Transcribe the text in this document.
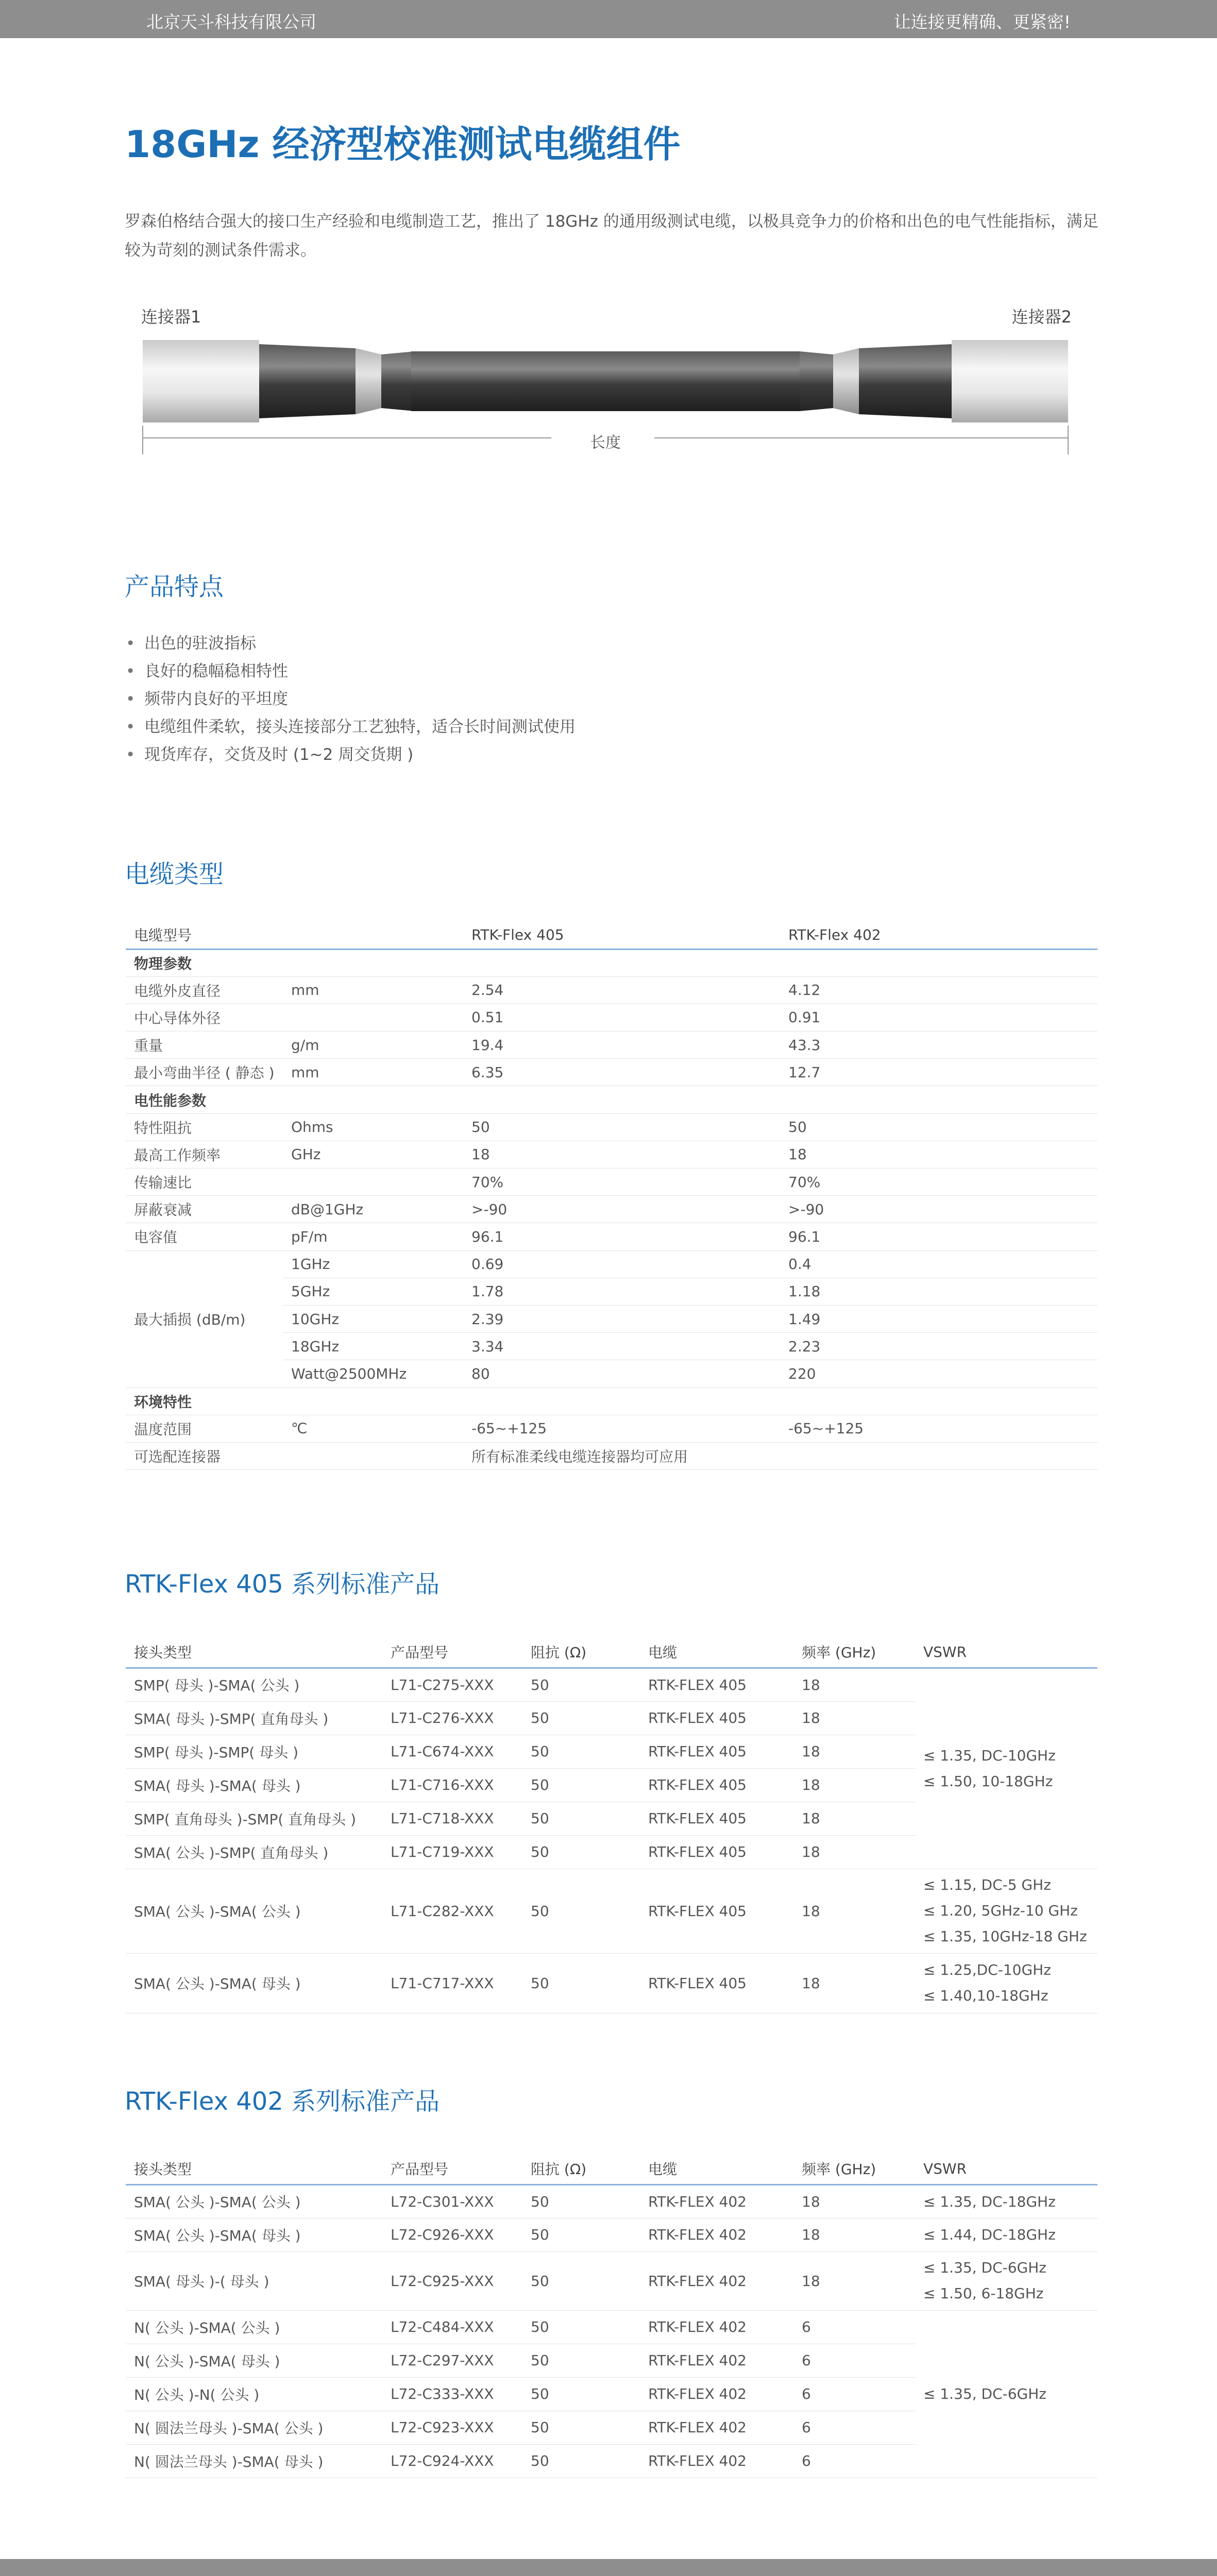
北京天斗科技有限公司	让连接更精确、更紧密!
18GHz 经济型校准测试电缆组件

罗森伯格结合强大的接口生产经验和电缆制造工艺，推出了 18GHz 的通用级测试电缆，以极具竞争力的价格和出色的电气性能指标，满足较为苛刻的测试条件需求。

连接器1	连接器2
长度
产品特点
• 出色的驻波指标
• 良好的稳幅稳相特性
• 频带内良好的平坦度
• 电缆组件柔软，接头连接部分工艺独特，适合长时间测试使用
• 现货库存，交货及时 (1~2 周交货期 )
电缆类型
电缆型号		RTK-Flex 405	RTK-Flex 402
物理参数			
电缆外皮直径	mm	2.54	4.12
中心导体外径		0.51	0.91
重量	g/m	19.4	43.3
最小弯曲半径 ( 静态 )	mm	6.35	12.7
电性能参数			
特性阻抗	Ohms	50	50
最高工作频率	GHz	18	18
传输速比		70%	70%
屏蔽衰减	dB@1GHz	>-90	>-90
电容值	pF/m	96.1	96.1
最大插损 (dB/m)	1GHz	0.69	0.4
	5GHz	1.78	1.18
	10GHz	2.39	1.49
	18GHz	3.34	2.23
	Watt@2500MHz	80	220
环境特性			
温度范围	℃	-65~+125	-65~+125
可选配连接器		所有标准柔线电缆连接器均可应用	
RTK-Flex 405 系列标准产品
接头类型	产品型号	阻抗 (Ω)	电缆	频率 (GHz)	VSWR
SMP( 母头 )-SMA( 公头 )	L71-C275-XXX	50	RTK-FLEX 405	18	≤ 1.35, DC-10GHz
≤ 1.50, 10-18GHz

SMA( 母头 )-SMP( 直角母头 )	L71-C276-XXX	50	RTK-FLEX 405	18	
SMP( 母头 )-SMP( 母头 )	L71-C674-XXX	50	RTK-FLEX 405	18	
SMA( 母头 )-SMA( 母头 )	L71-C716-XXX	50	RTK-FLEX 405	18	
SMP( 直角母头 )-SMP( 直角母头 )	L71-C718-XXX	50	RTK-FLEX 405	18	
SMA( 公头 )-SMP( 直角母头 )	L71-C719-XXX	50	RTK-FLEX 405	18	
SMA( 公头 )-SMA( 公头 )	L71-C282-XXX	50	RTK-FLEX 405	18	≤ 1.15, DC-5 GHz
≤ 1.20, 5GHz-10 GHz
≤ 1.35, 10GHz-18 GHz

SMA( 公头 )-SMA( 母头 )	L71-C717-XXX	50	RTK-FLEX 405	18	≤ 1.25,DC-10GHz
≤ 1.40,10-18GHz
RTK-Flex 402 系列标准产品
接头类型	产品型号	阻抗 (Ω)	电缆	频率 (GHz)	VSWR
SMA( 公头 )-SMA( 公头 )	L72-C301-XXX	50	RTK-FLEX 402	18	≤ 1.35, DC-18GHz
SMA( 公头 )-SMA( 母头 )	L72-C926-XXX	50	RTK-FLEX 402	18	≤ 1.44, DC-18GHz
SMA( 母头 )-( 母头 )	L72-C925-XXX	50	RTK-FLEX 402	18	≤ 1.35, DC-6GHz
≤ 1.50, 6-18GHz

N( 公头 )-SMA( 公头 )	L72-C484-XXX	50	RTK-FLEX 402	6	≤ 1.35, DC-6GHz
N( 公头 )-SMA( 母头 )	L72-C297-XXX	50	RTK-FLEX 402	6	
N( 公头 )-N( 公头 )	L72-C333-XXX	50	RTK-FLEX 402	6	
N( 圆法兰母头 )-SMA( 公头 )	L72-C923-XXX	50	RTK-FLEX 402	6	
N( 圆法兰母头 )-SMA( 母头 )	L72-C924-XXX	50	RTK-FLEX 402	6	
